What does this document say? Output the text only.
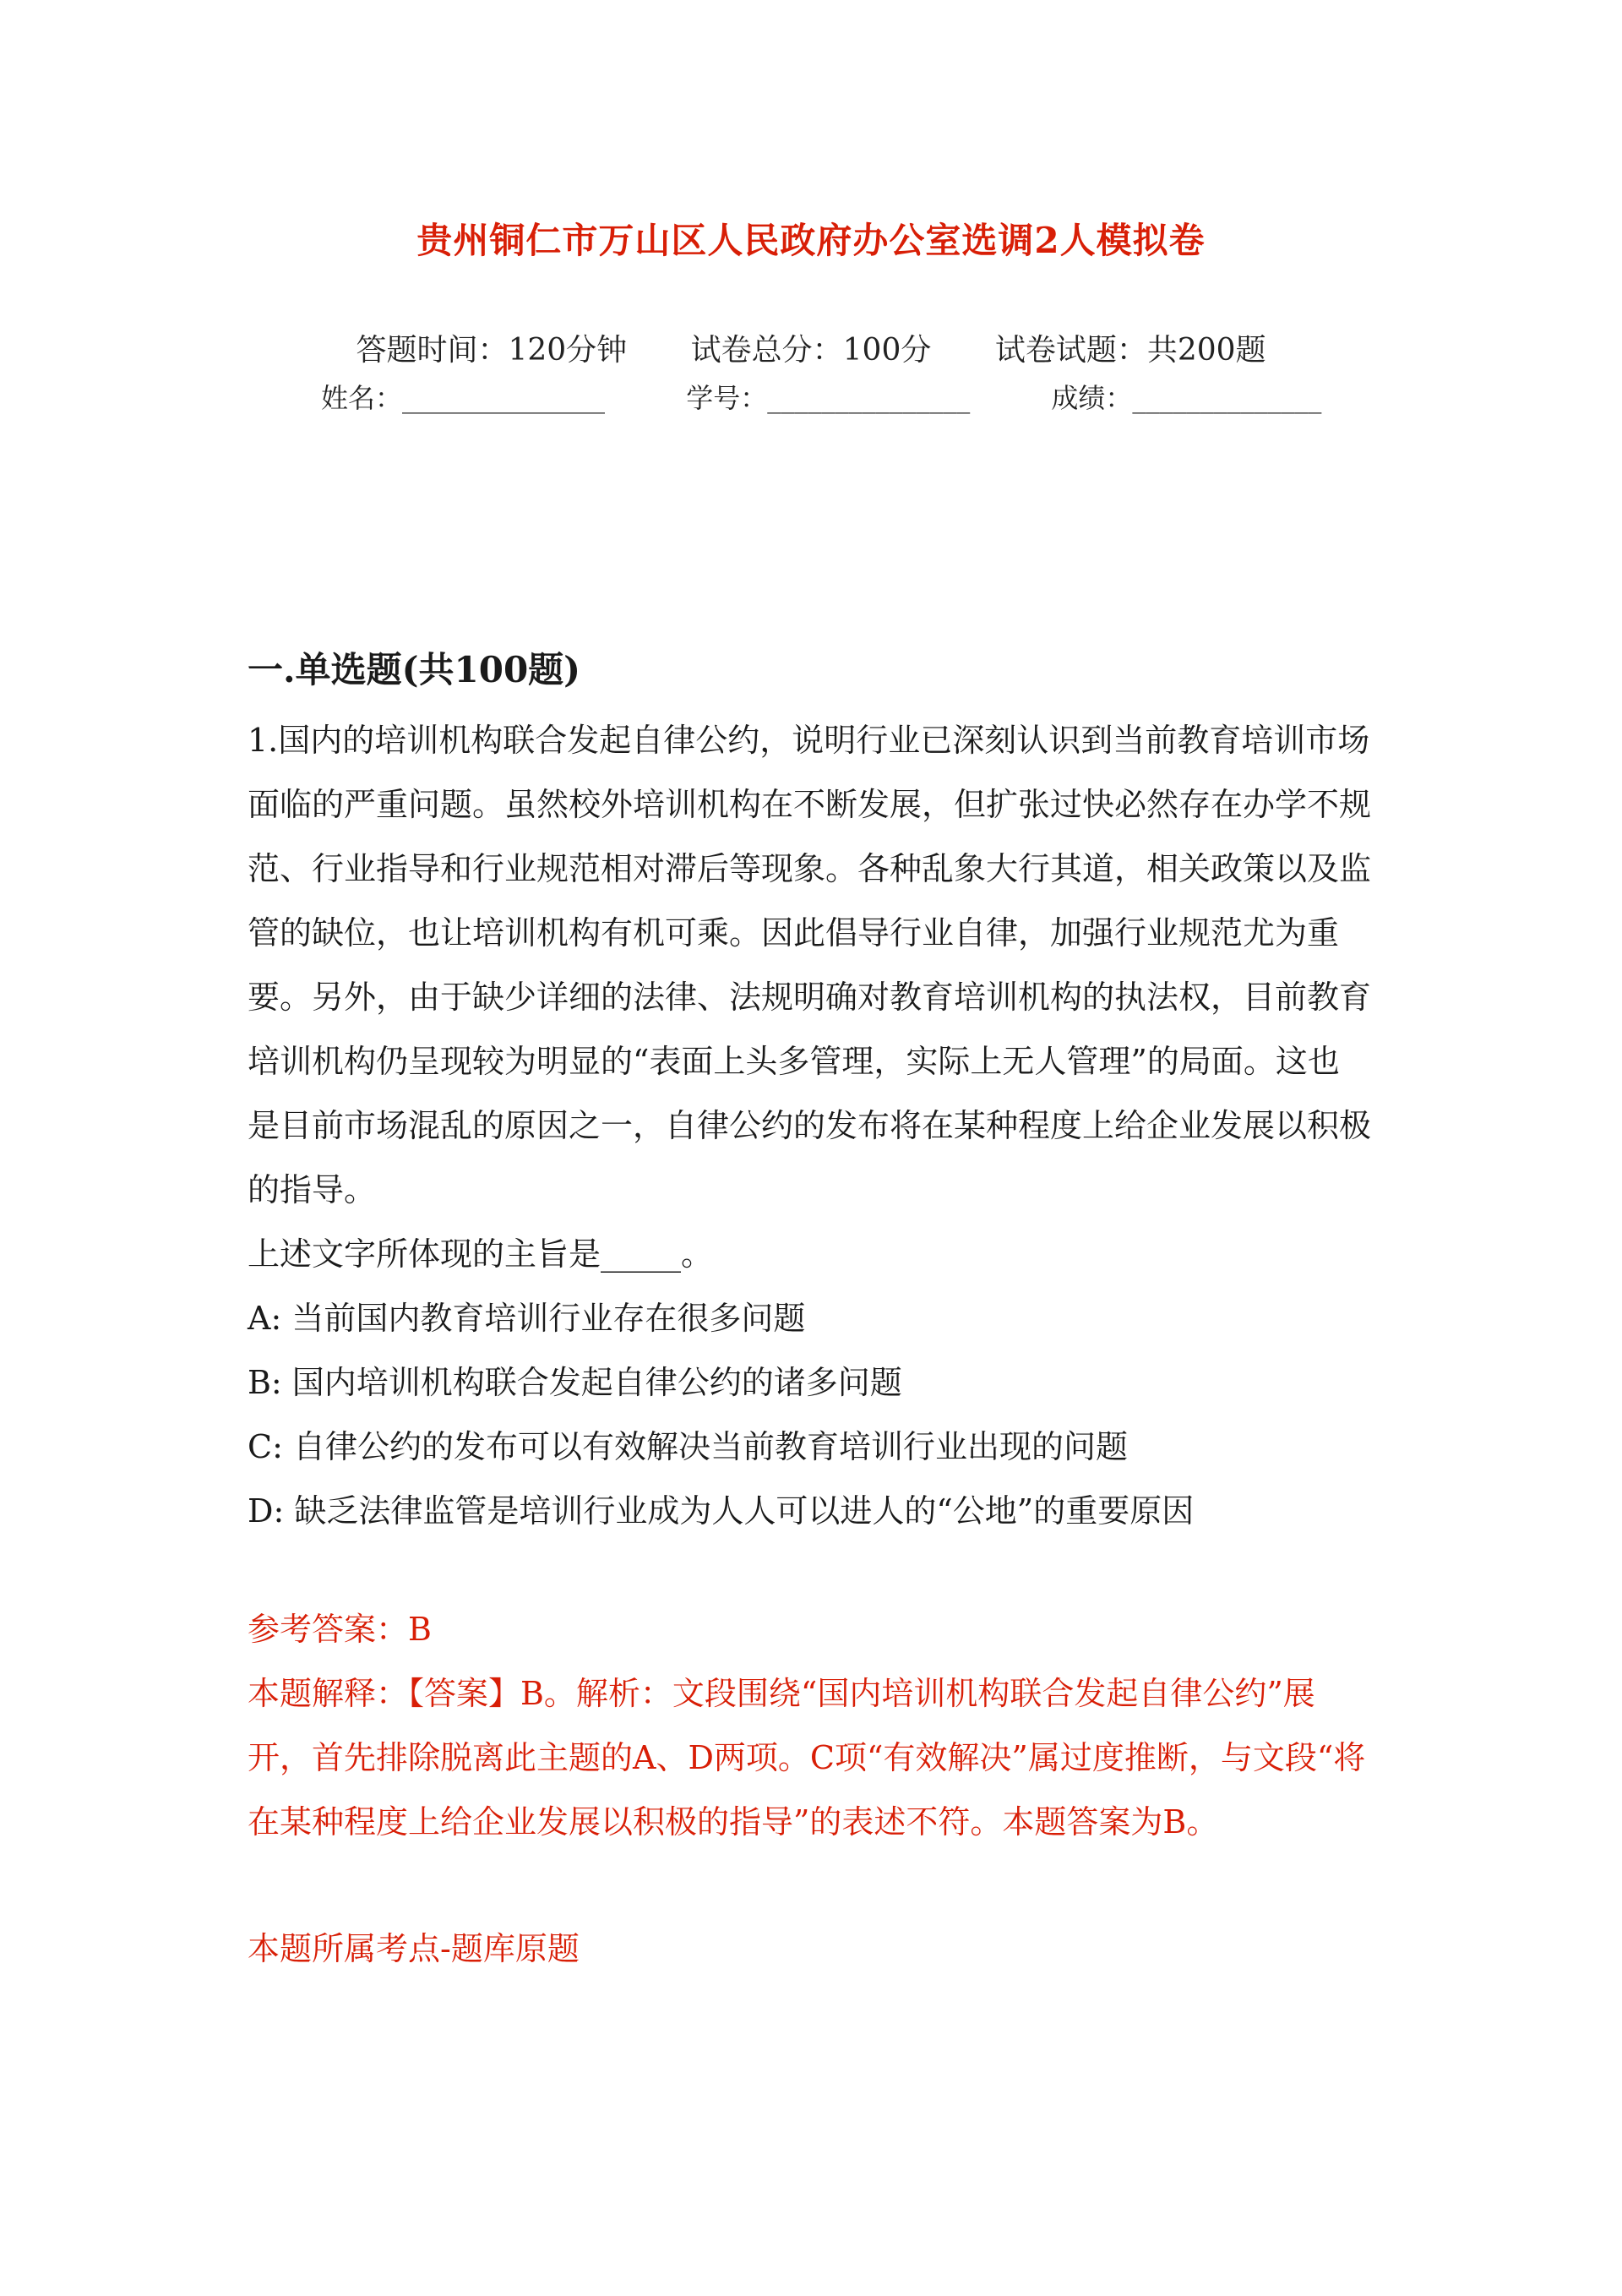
贵州铜仁市万山区人民政府办公室选调2人模拟卷
答题时间：120分钟 试卷总分：100分 试卷试题：共200题
姓名：_______________	学号：_______________	成绩：______________
一.单选题(共100题)
1.国内的培训机构联合发起自律公约，说明行业已深刻认识到当前教育培训市场面临的严重问题。虽然校外培训机构在不断发展，但扩张过快必然存在办学不规范、行业指导和行业规范相对滞后等现象。各种乱象大行其道，相关政策以及监管的缺位，也让培训机构有机可乘。因此倡导行业自律，加强行业规范尤为重要。另外，由于缺少详细的法律、法规明确对教育培训机构的执法权，目前教育培训机构仍呈现较为明显的“表面上头多管理，实际上无人管理”的局面。这也是目前市场混乱的原因之一，自律公约的发布将在某种程度上给企业发展以积极的指导。
上述文字所体现的主旨是_____。
A: 当前国内教育培训行业存在很多问题
B: 国内培训机构联合发起自律公约的诸多问题
C: 自律公约的发布可以有效解决当前教育培训行业出现的问题
D: 缺乏法律监管是培训行业成为人人可以进人的“公地”的重要原因
参考答案：B
本题解释：【答案】B。解析：文段围绕“国内培训机构联合发起自律公约”展开，首先排除脱离此主题的A、D两项。C项“有效解决”属过度推断，与文段“将在某种程度上给企业发展以积极的指导”的表述不符。本题答案为B。
本题所属考点-题库原题
